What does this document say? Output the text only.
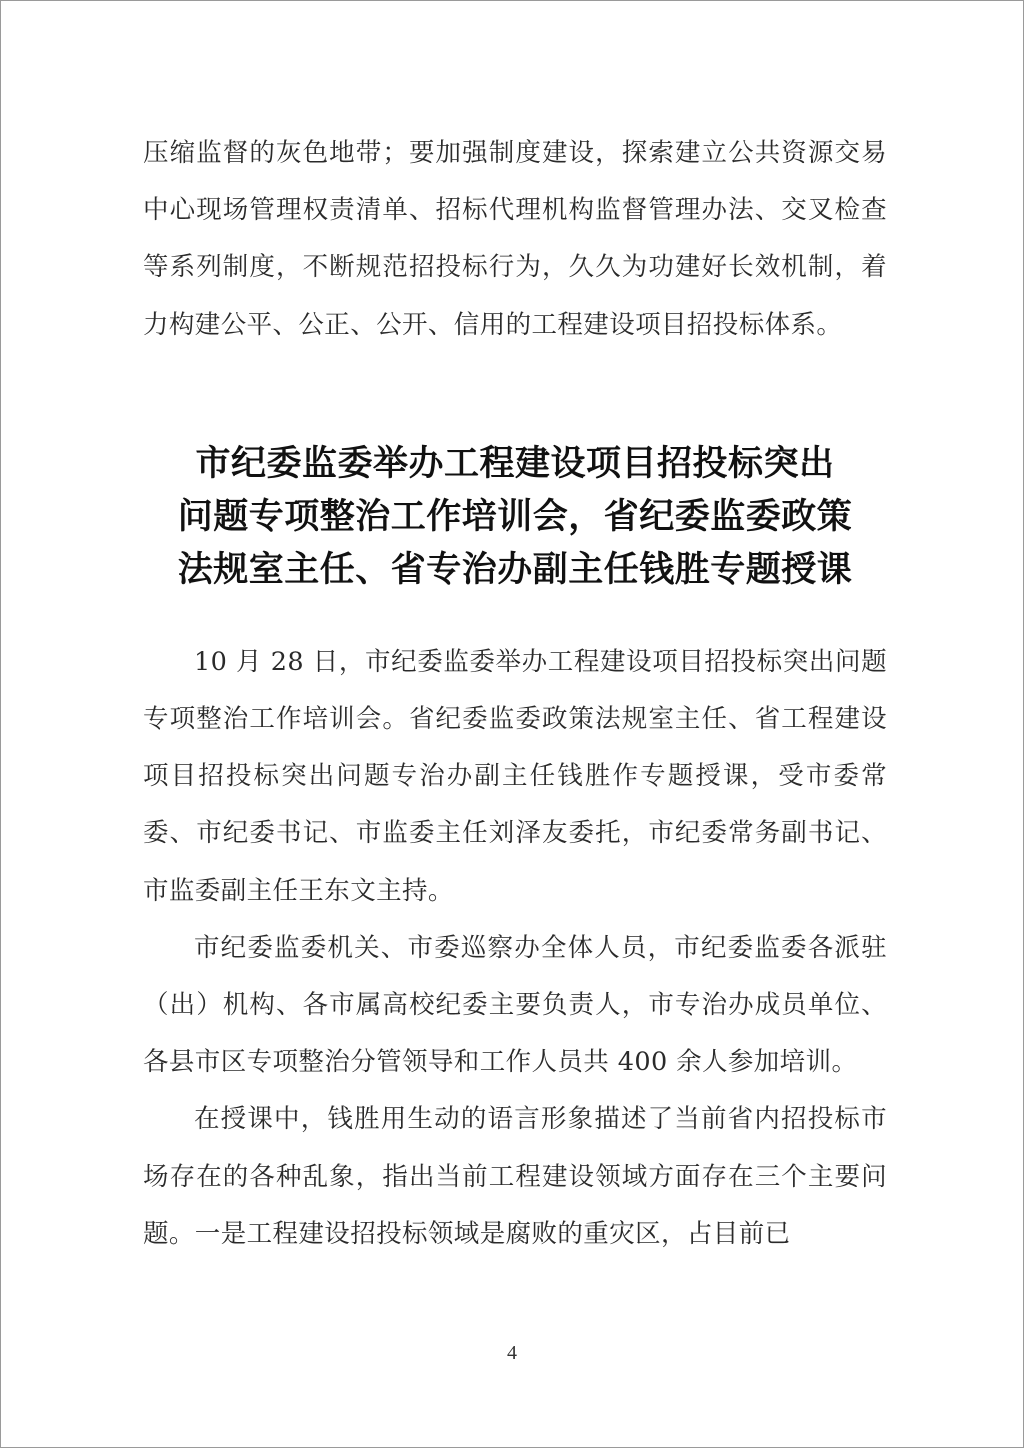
压缩监督的灰色地带；要加强制度建设，探索建立公共资源交易中心现场管理权责清单、招标代理机构监督管理办法、交叉检查等系列制度，不断规范招投标行为，久久为功建好长效机制，着力构建公平、公正、公开、信用的工程建设项目招投标体系。

市纪委监委举办工程建设项目招投标突出

问题专项整治工作培训会，省纪委监委政策

法规室主任、省专治办副主任钱胜专题授课

10 月 28 日，市纪委监委举办工程建设项目招投标突出问题专项整治工作培训会。省纪委监委政策法规室主任、省工程建设项目招投标突出问题专治办副主任钱胜作专题授课，受市委常委、市纪委书记、市监委主任刘泽友委托，市纪委常务副书记、市监委副主任王东文主持。

市纪委监委机关、市委巡察办全体人员，市纪委监委各派驻（出）机构、各市属高校纪委主要负责人，市专治办成员单位、各县市区专项整治分管领导和工作人员共 400 余人参加培训。

在授课中，钱胜用生动的语言形象描述了当前省内招投标市场存在的各种乱象，指出当前工程建设领域方面存在三个主要问题。一是工程建设招投标领域是腐败的重灾区，占目前已

4
